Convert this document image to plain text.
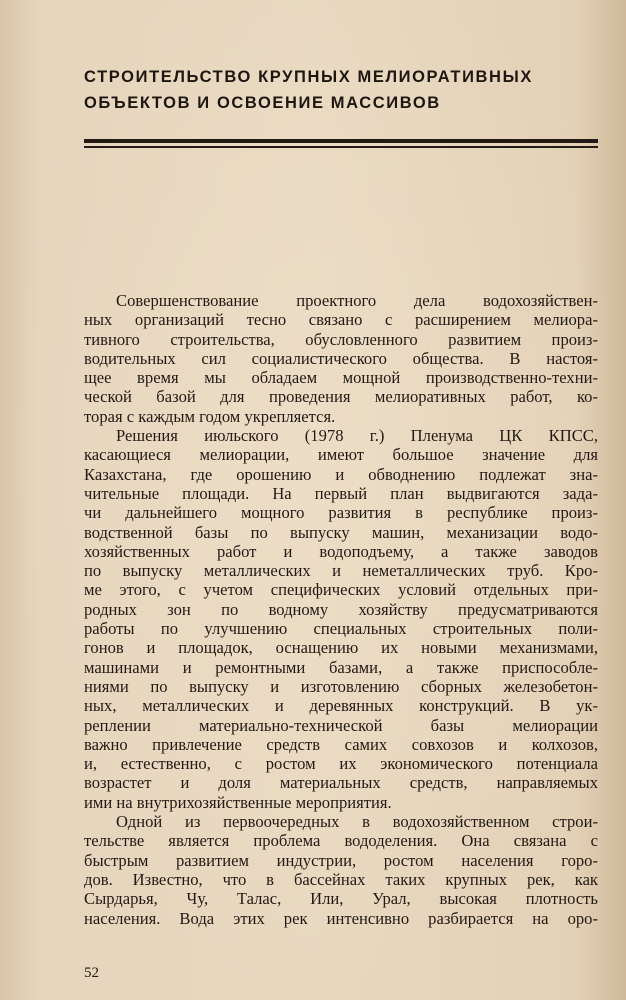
СТРОИТЕЛЬСТВО КРУПНЫХ МЕЛИОРАТИВНЫХ
ОБЪЕКТОВ И ОСВОЕНИЕ МАССИВОВ

Совершенствование проектного дела водохозяйствен-
ных организаций тесно связано с расширением мелиора-
тивного строительства, обусловленного развитием произ-
водительных сил социалистического общества. В настоя-
щее время мы обладаем мощной производственно-техни-
ческой базой для проведения мелиоративных работ, ко-
торая с каждым годом укрепляется.

Решения июльского (1978 г.) Пленума ЦК КПСС,
касающиеся мелиорации, имеют большое значение для
Казахстана, где орошению и обводнению подлежат зна-
чительные площади. На первый план выдвигаются зада-
чи дальнейшего мощного развития в республике произ-
водственной базы по выпуску машин, механизации водо-
хозяйственных работ и водоподъему, а также заводов
по выпуску металлических и неметаллических труб. Кро-
ме этого, с учетом специфических условий отдельных при-
родных зон по водному хозяйству предусматриваются
работы по улучшению специальных строительных поли-
гонов и площадок, оснащению их новыми механизмами,
машинами и ремонтными базами, а также приспособле-
ниями по выпуску и изготовлению сборных железобетон-
ных, металлических и деревянных конструкций. В ук-
реплении материально-технической базы мелиорации
важно привлечение средств самих совхозов и колхозов,
и, естественно, с ростом их экономического потенциала
возрастет и доля материальных средств, направляемых
ими на внутрихозяйственные мероприятия.

Одной из первоочередных в водохозяйственном строи-
тельстве является проблема вододеления. Она связана с
быстрым развитием индустрии, ростом населения горо-
дов. Известно, что в бассейнах таких крупных рек, как
Сырдарья, Чу, Талас, Или, Урал, высокая плотность
населения. Вода этих рек интенсивно разбирается на оро-

52
